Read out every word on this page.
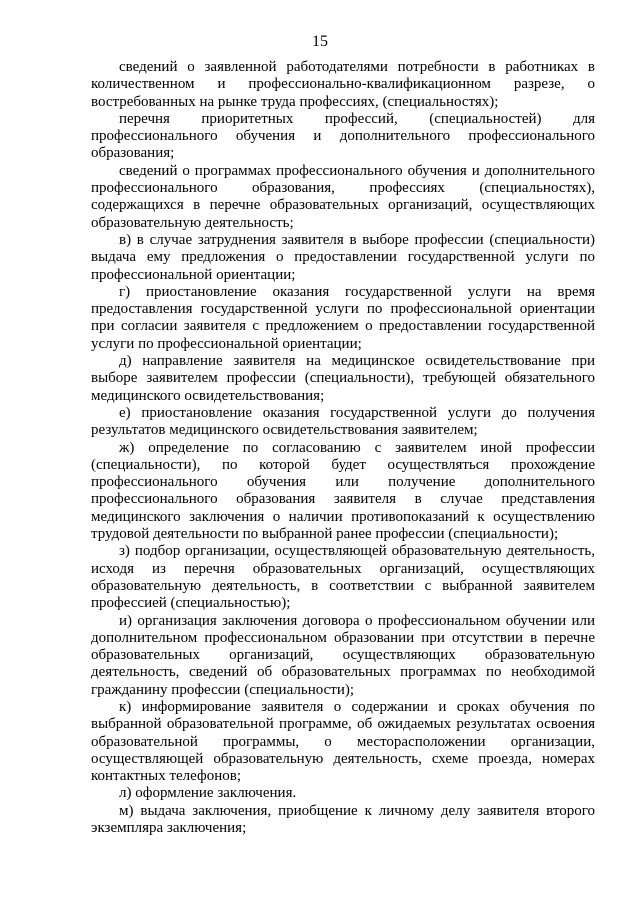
15

сведений о заявленной работодателями потребности в работниках в количественном и профессионально-квалификационном разрезе, о востребованных на рынке труда профессиях, (специальностях);

перечня приоритетных профессий, (специальностей) для профессионального обучения и дополнительного профессионального образования;

сведений о программах профессионального обучения и дополнительного профессионального образования, профессиях (специальностях), содержащихся в перечне образовательных организаций, осуществляющих образовательную деятельность;

в) в случае затруднения заявителя в выборе профессии (специальности) выдача ему предложения о предоставлении государственной услуги по профессиональной ориентации;

г) приостановление оказания государственной услуги на время предоставления государственной услуги по профессиональной ориентации при согласии заявителя с предложением о предоставлении государственной услуги по профессиональной ориентации;

д) направление заявителя на медицинское освидетельствование при выборе заявителем профессии (специальности), требующей обязательного медицинского освидетельствования;

е) приостановление оказания государственной услуги до получения результатов медицинского освидетельствования заявителем;

ж) определение по согласованию с заявителем иной профессии (специальности), по которой будет осуществляться прохождение профессионального обучения или получение дополнительного профессионального образования заявителя в случае представления медицинского заключения о наличии противопоказаний к осуществлению трудовой деятельности по выбранной ранее профессии (специальности);

з) подбор организации, осуществляющей образовательную деятельность, исходя из перечня образовательных организаций, осуществляющих образовательную деятельность, в соответствии с выбранной заявителем профессией (специальностью);

и) организация заключения договора о профессиональном обучении или дополнительном профессиональном образовании при отсутствии в перечне образовательных организаций, осуществляющих образовательную деятельность, сведений об образовательных программах по необходимой гражданину профессии (специальности);

к) информирование заявителя о содержании и сроках обучения по выбранной образовательной программе, об ожидаемых результатах освоения образовательной программы, о месторасположении организации, осуществляющей образовательную деятельность, схеме проезда, номерах контактных телефонов;

л) оформление заключения.

м) выдача заключения, приобщение к личному делу заявителя второго экземпляра заключения;
